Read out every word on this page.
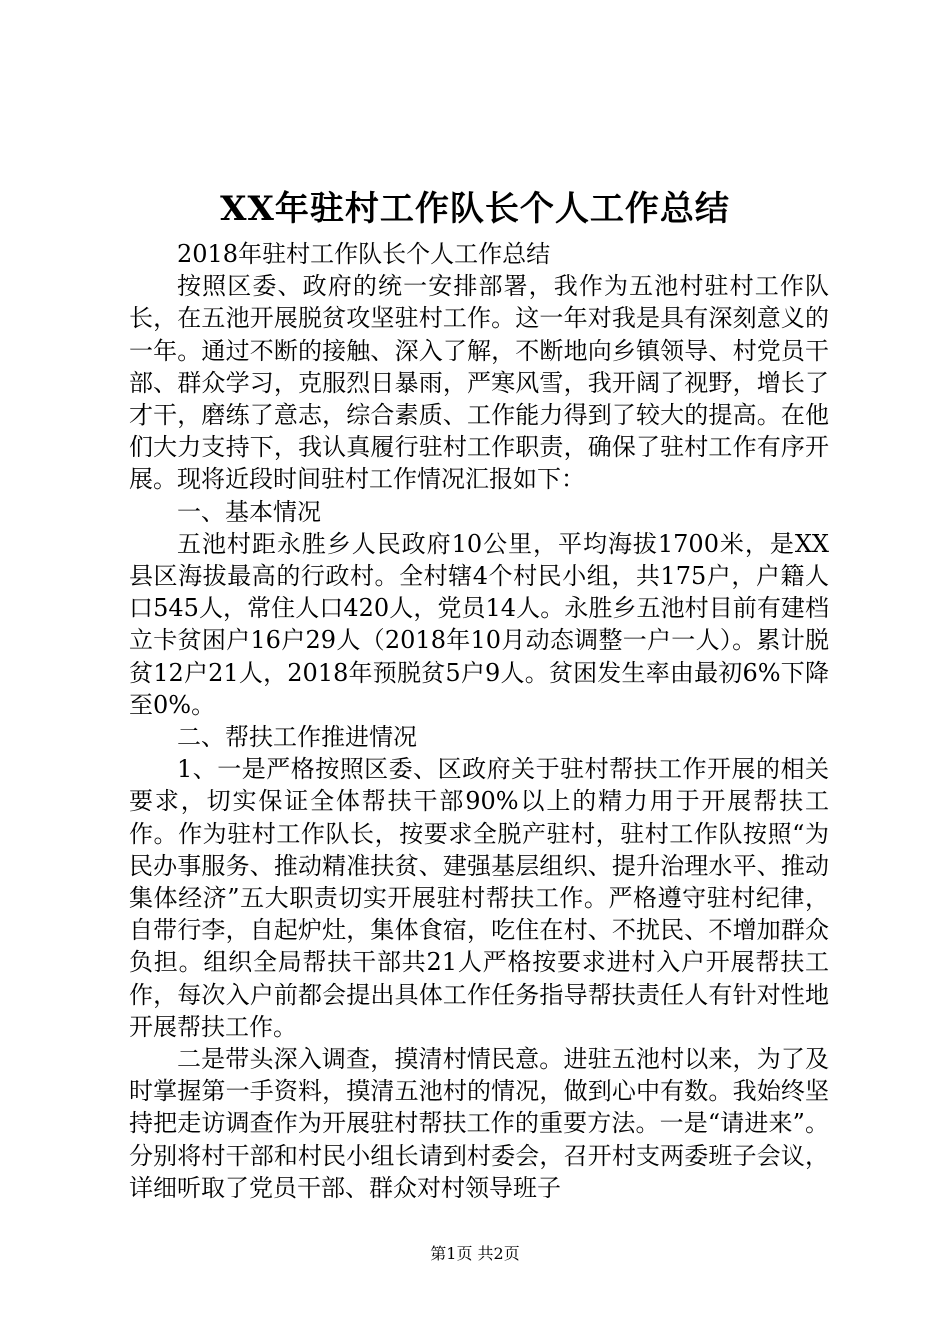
XX年驻村工作队长个人工作总结

2018年驻村工作队长个人工作总结

按照区委、政府的统一安排部署，我作为五池村驻村工作队长，在五池开展脱贫攻坚驻村工作。这一年对我是具有深刻意义的一年。通过不断的接触、深入了解，不断地向乡镇领导、村党员干部、群众学习，克服烈日暴雨，严寒风雪，我开阔了视野，增长了才干，磨练了意志，综合素质、工作能力得到了较大的提高。在他们大力支持下，我认真履行驻村工作职责，确保了驻村工作有序开展。现将近段时间驻村工作情况汇报如下：

一、基本情况

五池村距永胜乡人民政府10公里，平均海拔1700米，是XX县区海拔最高的行政村。全村辖4个村民小组，共175户，户籍人口545人，常住人口420人，党员14人。永胜乡五池村目前有建档立卡贫困户16户29人（2018年10月动态调整一户一人）。累计脱贫12户21人，2018年预脱贫5户9人。贫困发生率由最初6%下降至0%。

二、帮扶工作推进情况

1、一是严格按照区委、区政府关于驻村帮扶工作开展的相关要求，切实保证全体帮扶干部90%以上的精力用于开展帮扶工作。作为驻村工作队长，按要求全脱产驻村，驻村工作队按照“为民办事服务、推动精准扶贫、建强基层组织、提升治理水平、推动集体经济”五大职责切实开展驻村帮扶工作。严格遵守驻村纪律，自带行李，自起炉灶，集体食宿，吃住在村、不扰民、不增加群众负担。组织全局帮扶干部共21人严格按要求进村入户开展帮扶工作，每次入户前都会提出具体工作任务指导帮扶责任人有针对性地开展帮扶工作。

二是带头深入调查，摸清村情民意。进驻五池村以来，为了及时掌握第一手资料，摸清五池村的情况，做到心中有数。我始终坚持把走访调查作为开展驻村帮扶工作的重要方法。一是“请进来”。分别将村干部和村民小组长请到村委会，召开村支两委班子会议，详细听取了党员干部、群众对村领导班子

第1页 共2页
